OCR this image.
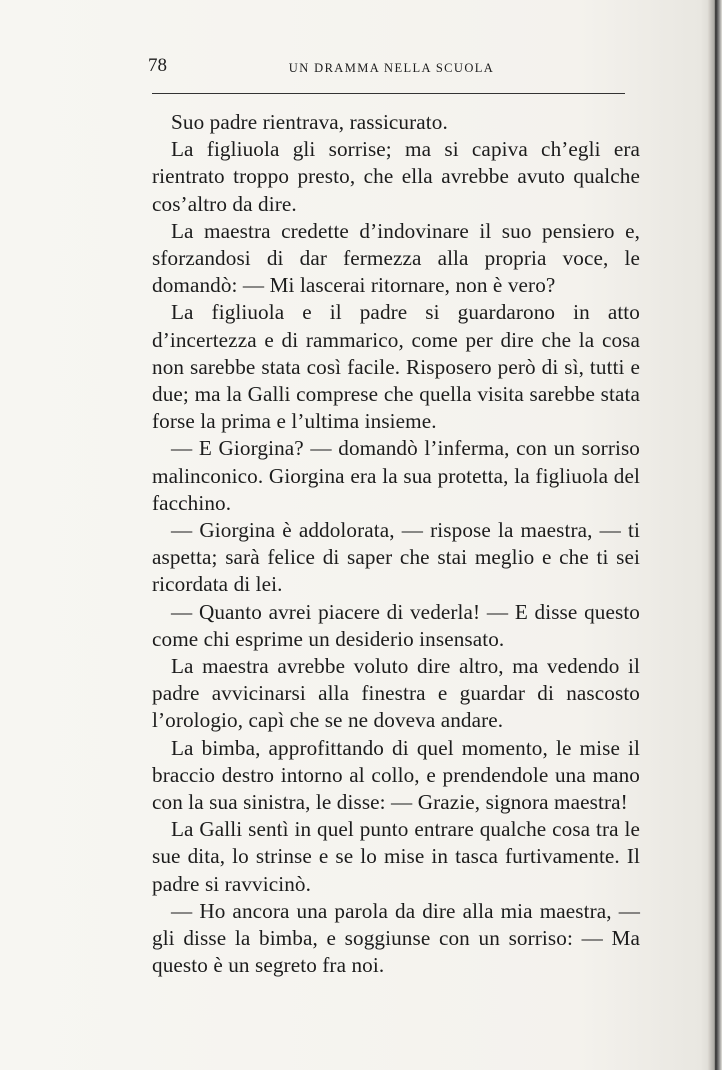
78	UN DRAMMA NELLA SCUOLA

Suo padre rientrava, rassicurato.

La figliuola gli sorrise; ma si capiva ch’egli era rientrato troppo presto, che ella avrebbe avuto qualche cos’altro da dire.

La maestra credette d’indovinare il suo pensiero e, sforzandosi di dar fermezza alla propria voce, le domandò: — Mi lascerai ritornare, non è vero?

La figliuola e il padre si guardarono in atto d’incertezza e di rammarico, come per dire che la cosa non sarebbe stata così facile. Risposero però di sì, tutti e due; ma la Galli comprese che quella visita sarebbe stata forse la prima e l’ultima insieme.

— E Giorgina? — domandò l’inferma, con un sorriso malinconico. Giorgina era la sua protetta, la figliuola del facchino.

— Giorgina è addolorata, — rispose la maestra, — ti aspetta; sarà felice di saper che stai meglio e che ti sei ricordata di lei.

— Quanto avrei piacere di vederla! — E disse questo come chi esprime un desiderio insensato.

La maestra avrebbe voluto dire altro, ma vedendo il padre avvicinarsi alla finestra e guardar di nascosto l’orologio, capì che se ne doveva andare.

La bimba, approfittando di quel momento, le mise il braccio destro intorno al collo, e prendendole una mano con la sua sinistra, le disse: — Grazie, signora maestra!

La Galli sentì in quel punto entrare qualche cosa tra le sue dita, lo strinse e se lo mise in tasca furtivamente. Il padre si ravvicinò.

— Ho ancora una parola da dire alla mia maestra, — gli disse la bimba, e soggiunse con un sorriso: — Ma questo è un segreto fra noi.
